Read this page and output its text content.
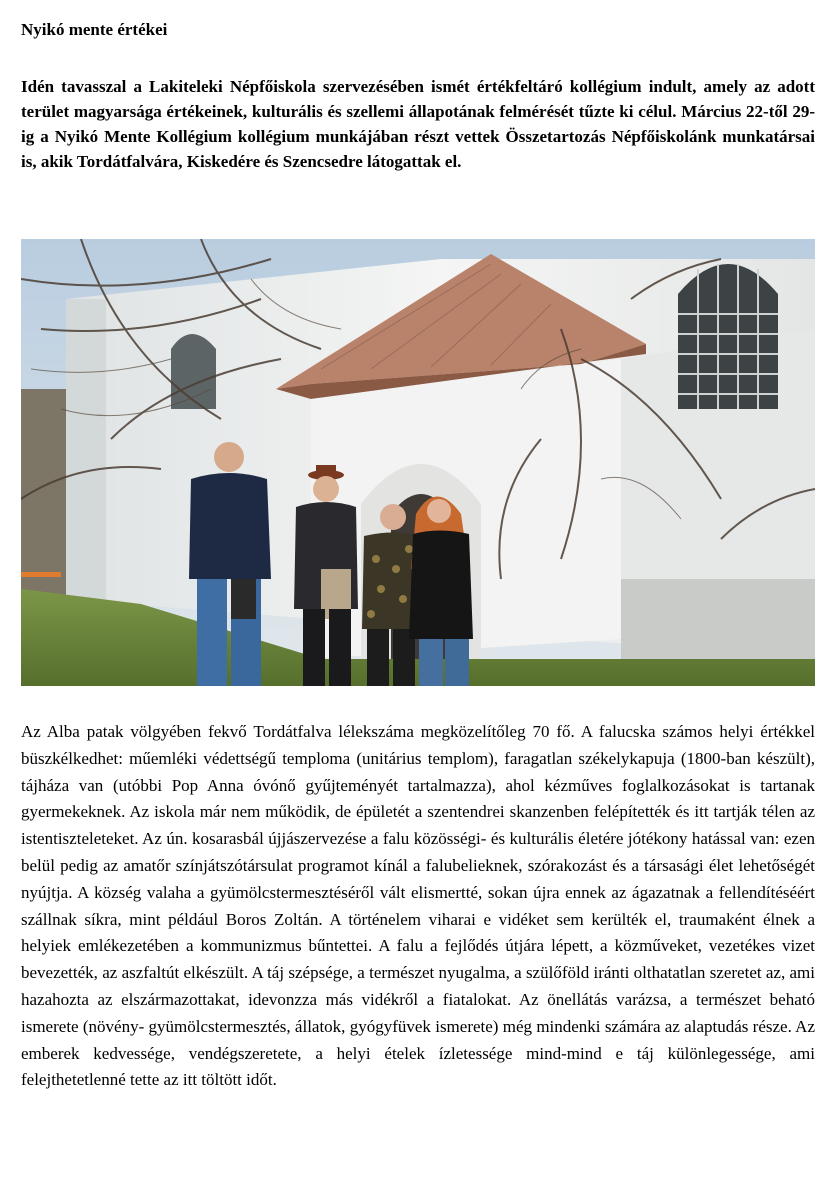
Nyikó mente értékei

Idén tavasszal a Lakiteleki Népfőiskola szervezésében ismét értékfeltáró kollégium indult, amely az adott terület magyarsága értékeinek, kulturális és szellemi állapotának felmérését tűzte ki célul. Március 22-től 29-ig a Nyikó Mente Kollégium kollégium munkájában részt vettek Összetartozás Népfőiskolánk munkatársai is, akik Tordátfalvára, Kiskedére és Szencsedre látogattak el.

Az Alba patak völgyében fekvő Tordátfalva lélekszáma megközelítőleg 70 fő. A falucska számos helyi értékkel büszkélkedhet: műemléki védettségű temploma (unitárius templom), faragatlan székelykapuja (1800-ban készült), tájháza van (utóbbi Pop Anna óvónő gyűjteményét tartalmazza), ahol kézműves foglalkozásokat is tartanak gyermekeknek. Az iskola már nem működik, de épületét a szentendrei skanzenben felépítették és itt tartják télen az istentiszteleteket. Az ún. kosarasbál újjászervezése a falu közösségi- és kulturális életére jótékony hatással van: ezen belül pedig az amatőr színjátszótársulat programot kínál a falubelieknek, szórakozást és a társasági élet lehetőségét nyújtja. A község valaha a gyümölcstermesztéséről vált elismertté, sokan újra ennek az ágazatnak a fellendítéséért szállnak síkra, mint például Boros Zoltán. A történelem viharai e vidéket sem kerülték el, traumaként élnek a helyiek emlékezetében a kommunizmus bűntettei. A falu a fejlődés útjára lépett, a közműveket, vezetékes vizet bevezették, az aszfaltút elkészült. A táj szépsége, a természet nyugalma, a szülőföld iránti olthatatlan szeretet az, ami hazahozta az elszármazottakat, idevonzza más vidékről a fiatalokat. Az önellátás varázsa, a természet beható ismerete (növény- gyümölcstermesztés, állatok, gyógyfüvek ismerete) még mindenki számára az alaptudás része. Az emberek kedvessége, vendégszeretete, a helyi ételek ízletessége mind-mind e táj különlegessége, ami felejthetetlenné tette az itt töltött időt.
